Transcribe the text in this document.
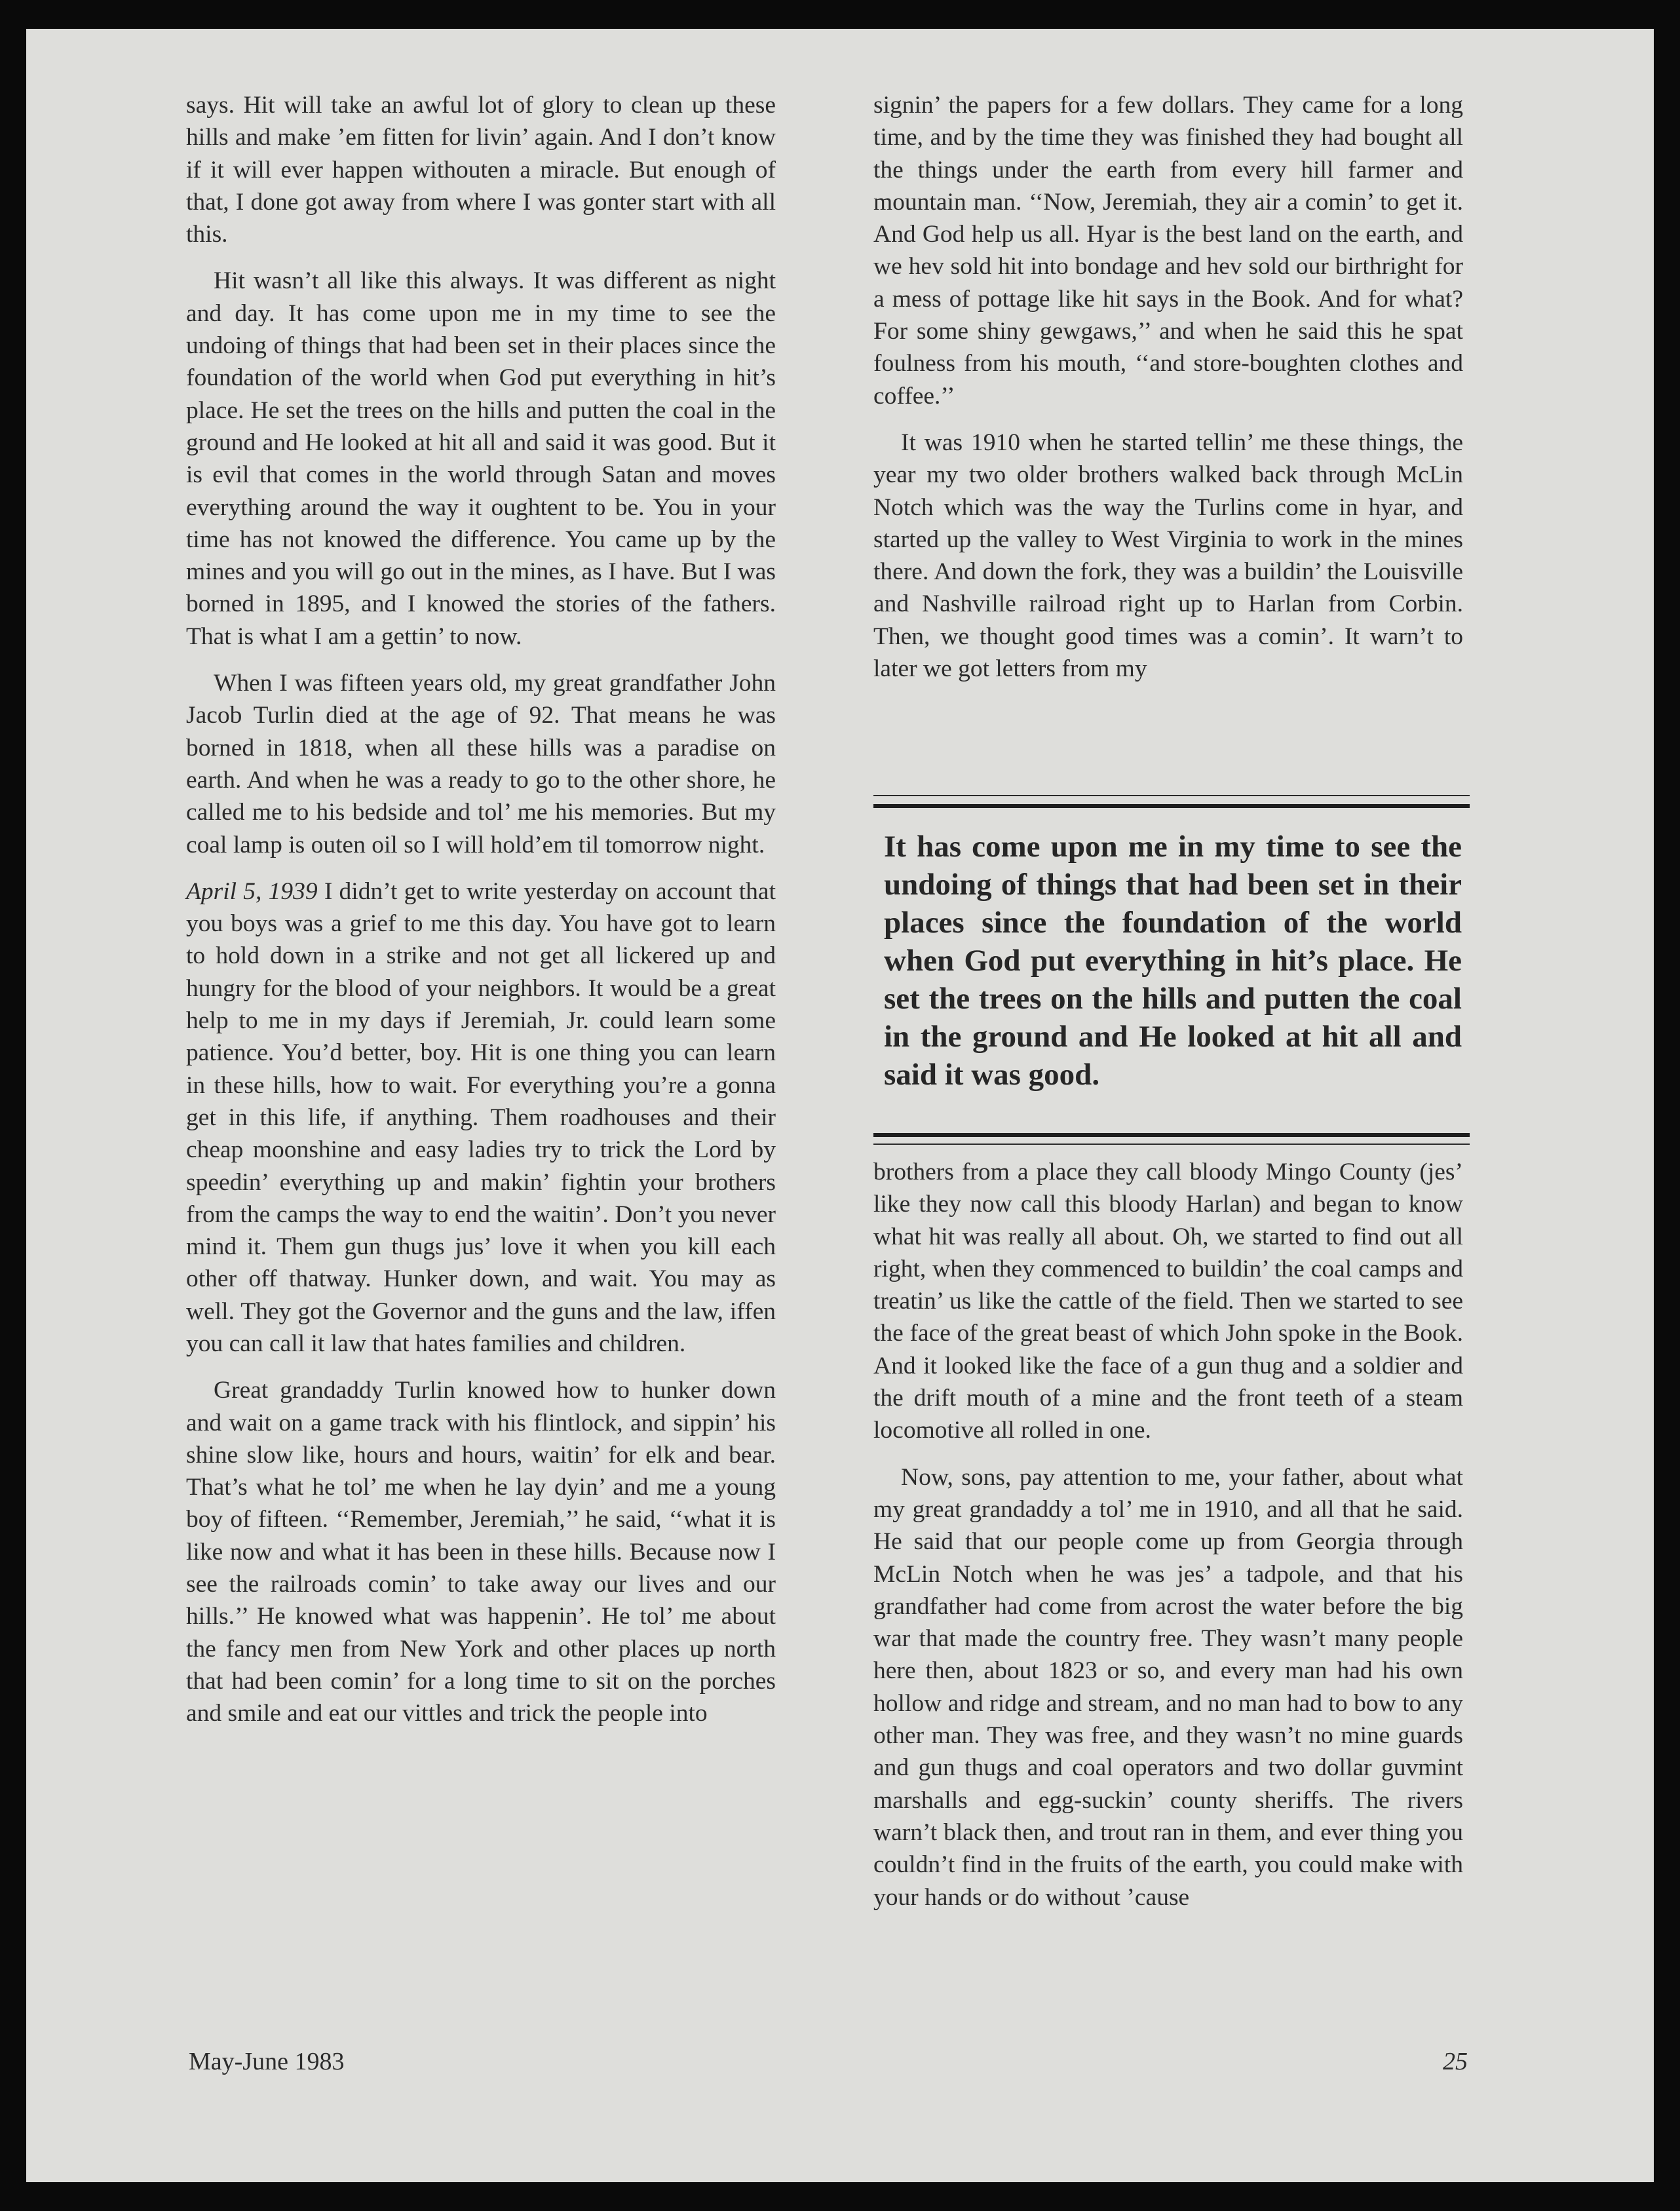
says. Hit will take an awful lot of glory to clean up these hills and make ’em fitten for livin’ again. And I don’t know if it will ever happen withouten a miracle. But enough of that, I done got away from where I was gonter start with all this.

Hit wasn’t all like this always. It was different as night and day. It has come upon me in my time to see the undoing of things that had been set in their places since the foundation of the world when God put everything in hit’s place. He set the trees on the hills and putten the coal in the ground and He looked at hit all and said it was good. But it is evil that comes in the world through Satan and moves everything around the way it oughtent to be. You in your time has not knowed the difference. You came up by the mines and you will go out in the mines, as I have. But I was borned in 1895, and I knowed the stories of the fathers. That is what I am a gettin’ to now.

When I was fifteen years old, my great grandfather John Jacob Turlin died at the age of 92. That means he was borned in 1818, when all these hills was a paradise on earth. And when he was a ready to go to the other shore, he called me to his bedside and tol’ me his memories. But my coal lamp is outen oil so I will hold’em til tomorrow night.

April 5, 1939 I didn’t get to write yesterday on account that you boys was a grief to me this day. You have got to learn to hold down in a strike and not get all lickered up and hungry for the blood of your neighbors. It would be a great help to me in my days if Jeremiah, Jr. could learn some patience. You’d better, boy. Hit is one thing you can learn in these hills, how to wait. For everything you’re a gonna get in this life, if anything. Them roadhouses and their cheap moonshine and easy ladies try to trick the Lord by speedin’ everything up and makin’ fightin your brothers from the camps the way to end the waitin’. Don’t you never mind it. Them gun thugs jus’ love it when you kill each other off thatway. Hunker down, and wait. You may as well. They got the Governor and the guns and the law, iffen you can call it law that hates families and children.

Great grandaddy Turlin knowed how to hunker down and wait on a game track with his flintlock, and sippin’ his shine slow like, hours and hours, waitin’ for elk and bear. That’s what he tol’ me when he lay dyin’ and me a young boy of fifteen. ‘‘Remember, Jeremiah,’’ he said, ‘‘what it is like now and what it has been in these hills. Because now I see the railroads comin’ to take away our lives and our hills.’’ He knowed what was happenin’. He tol’ me about the fancy men from New York and other places up north that had been comin’ for a long time to sit on the porches and smile and eat our vittles and trick the people into

signin’ the papers for a few dollars. They came for a long time, and by the time they was finished they had bought all the things under the earth from every hill farmer and mountain man. ‘‘Now, Jeremiah, they air a comin’ to get it. And God help us all. Hyar is the best land on the earth, and we hev sold hit into bondage and hev sold our birthright for a mess of pottage like hit says in the Book. And for what? For some shiny gewgaws,’’ and when he said this he spat foulness from his mouth, ‘‘and store-boughten clothes and coffee.’’

It was 1910 when he started tellin’ me these things, the year my two older brothers walked back through McLin Notch which was the way the Turlins come in hyar, and started up the valley to West Virginia to work in the mines there. And down the fork, they was a buildin’ the Louisville and Nashville railroad right up to Harlan from Corbin. Then, we thought good times was a comin’. It warn’t to later we got letters from my

It has come upon me in my time to see the undoing of things that had been set in their places since the foundation of the world when God put everything in hit’s place. He set the trees on the hills and putten the coal in the ground and He looked at hit all and said it was good.

brothers from a place they call bloody Mingo County (jes’ like they now call this bloody Harlan) and began to know what hit was really all about. Oh, we started to find out all right, when they commenced to buildin’ the coal camps and treatin’ us like the cattle of the field. Then we started to see the face of the great beast of which John spoke in the Book. And it looked like the face of a gun thug and a soldier and the drift mouth of a mine and the front teeth of a steam locomotive all rolled in one.

Now, sons, pay attention to me, your father, about what my great grandaddy a tol’ me in 1910, and all that he said. He said that our people come up from Georgia through McLin Notch when he was jes’ a tadpole, and that his grandfather had come from acrost the water before the big war that made the country free. They wasn’t many people here then, about 1823 or so, and every man had his own hollow and ridge and stream, and no man had to bow to any other man. They was free, and they wasn’t no mine guards and gun thugs and coal operators and two dollar guvmint marshalls and egg-suckin’ county sheriffs. The rivers warn’t black then, and trout ran in them, and ever thing you couldn’t find in the fruits of the earth, you could make with your hands or do without ’cause

May-June 1983	25
